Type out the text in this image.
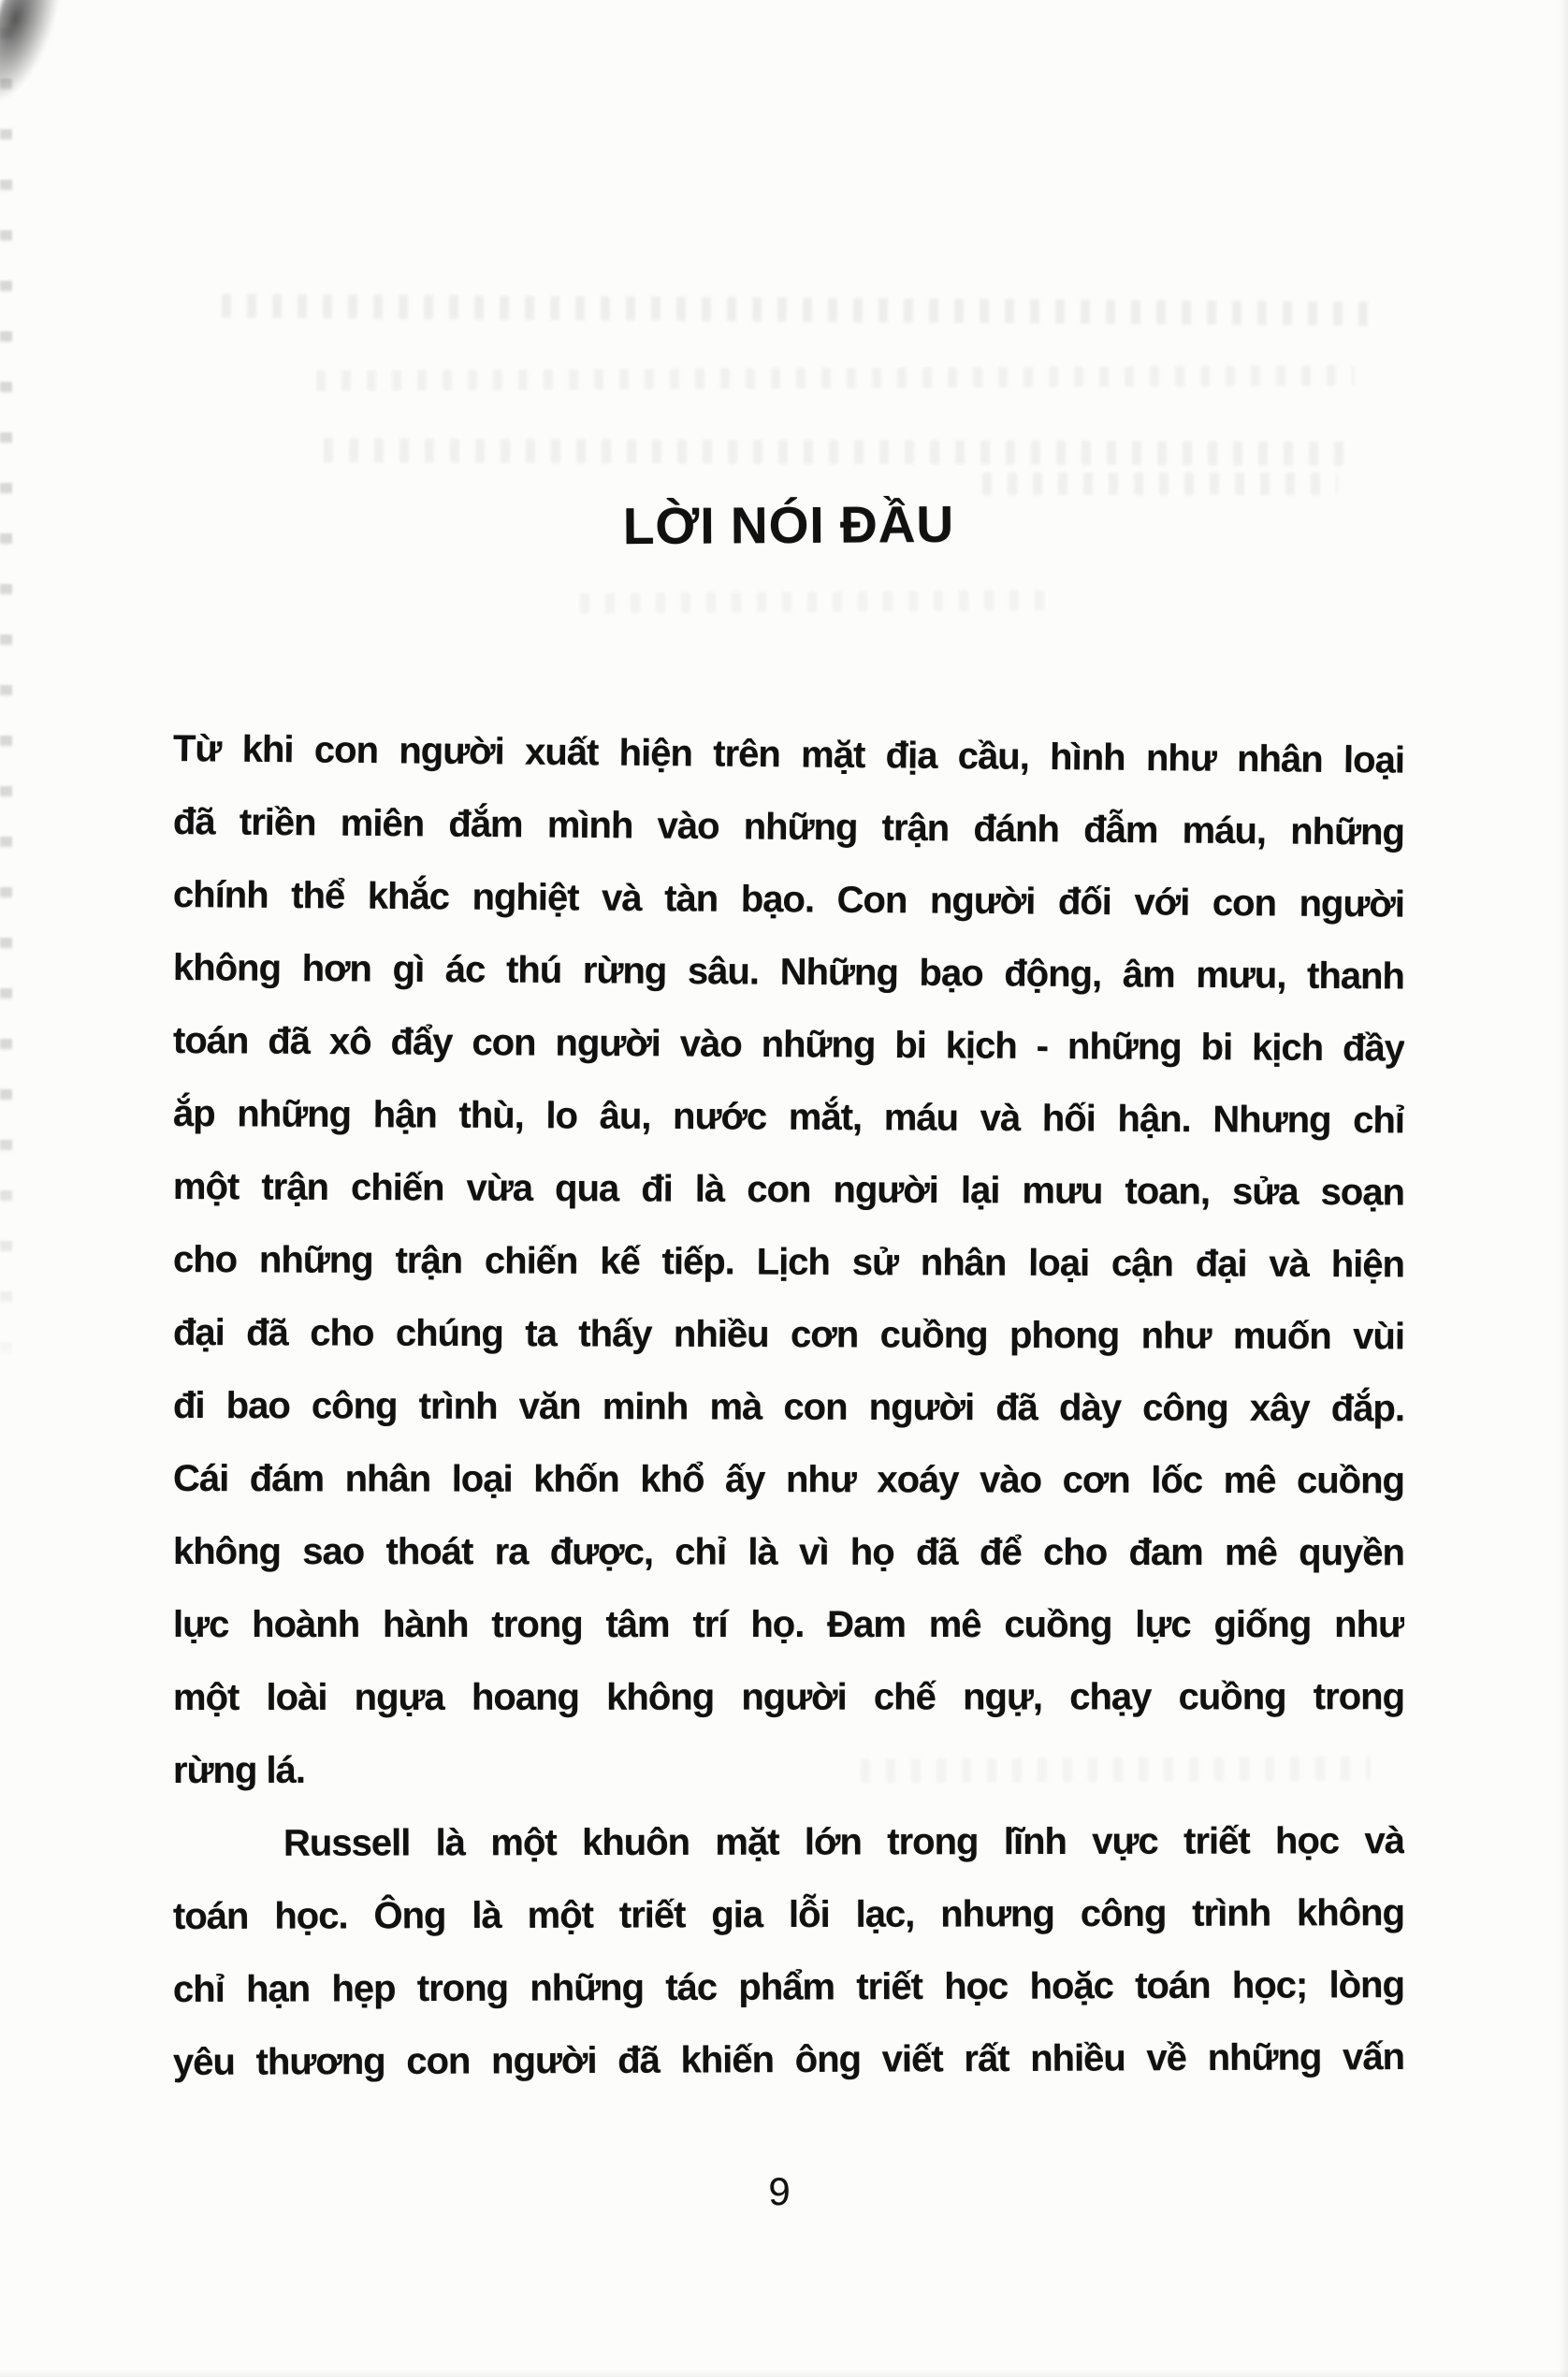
LỜI NÓI ĐẦU
Từ khi con người xuất hiện trên mặt địa cầu, hình như nhân loại
đã triền miên đắm mình vào những trận đánh đẫm máu, những
chính thể khắc nghiệt và tàn bạo. Con người đối với con người
không hơn gì ác thú rừng sâu. Những bạo động, âm mưu, thanh
toán đã xô đẩy con người vào những bi kịch - những bi kịch đầy
ắp những hận thù, lo âu, nước mắt, máu và hối hận. Nhưng chỉ
một trận chiến vừa qua đi là con người lại mưu toan, sửa soạn
cho những trận chiến kế tiếp. Lịch sử nhân loại cận đại và hiện
đại đã cho chúng ta thấy nhiều cơn cuồng phong như muốn vùi
đi bao công trình văn minh mà con người đã dày công xây đắp.
Cái đám nhân loại khốn khổ ấy như xoáy vào cơn lốc mê cuồng
không sao thoát ra được, chỉ là vì họ đã để cho đam mê quyền
lực hoành hành trong tâm trí họ. Đam mê cuồng lực giống như
một loài ngựa hoang không người chế ngự, chạy cuồng trong
rừng lá.
Russell là một khuôn mặt lớn trong lĩnh vực triết học và
toán học. Ông là một triết gia lỗi lạc, nhưng công trình không
chỉ hạn hẹp trong những tác phẩm triết học hoặc toán học; lòng
yêu thương con người đã khiến ông viết rất nhiều về những vấn
9
